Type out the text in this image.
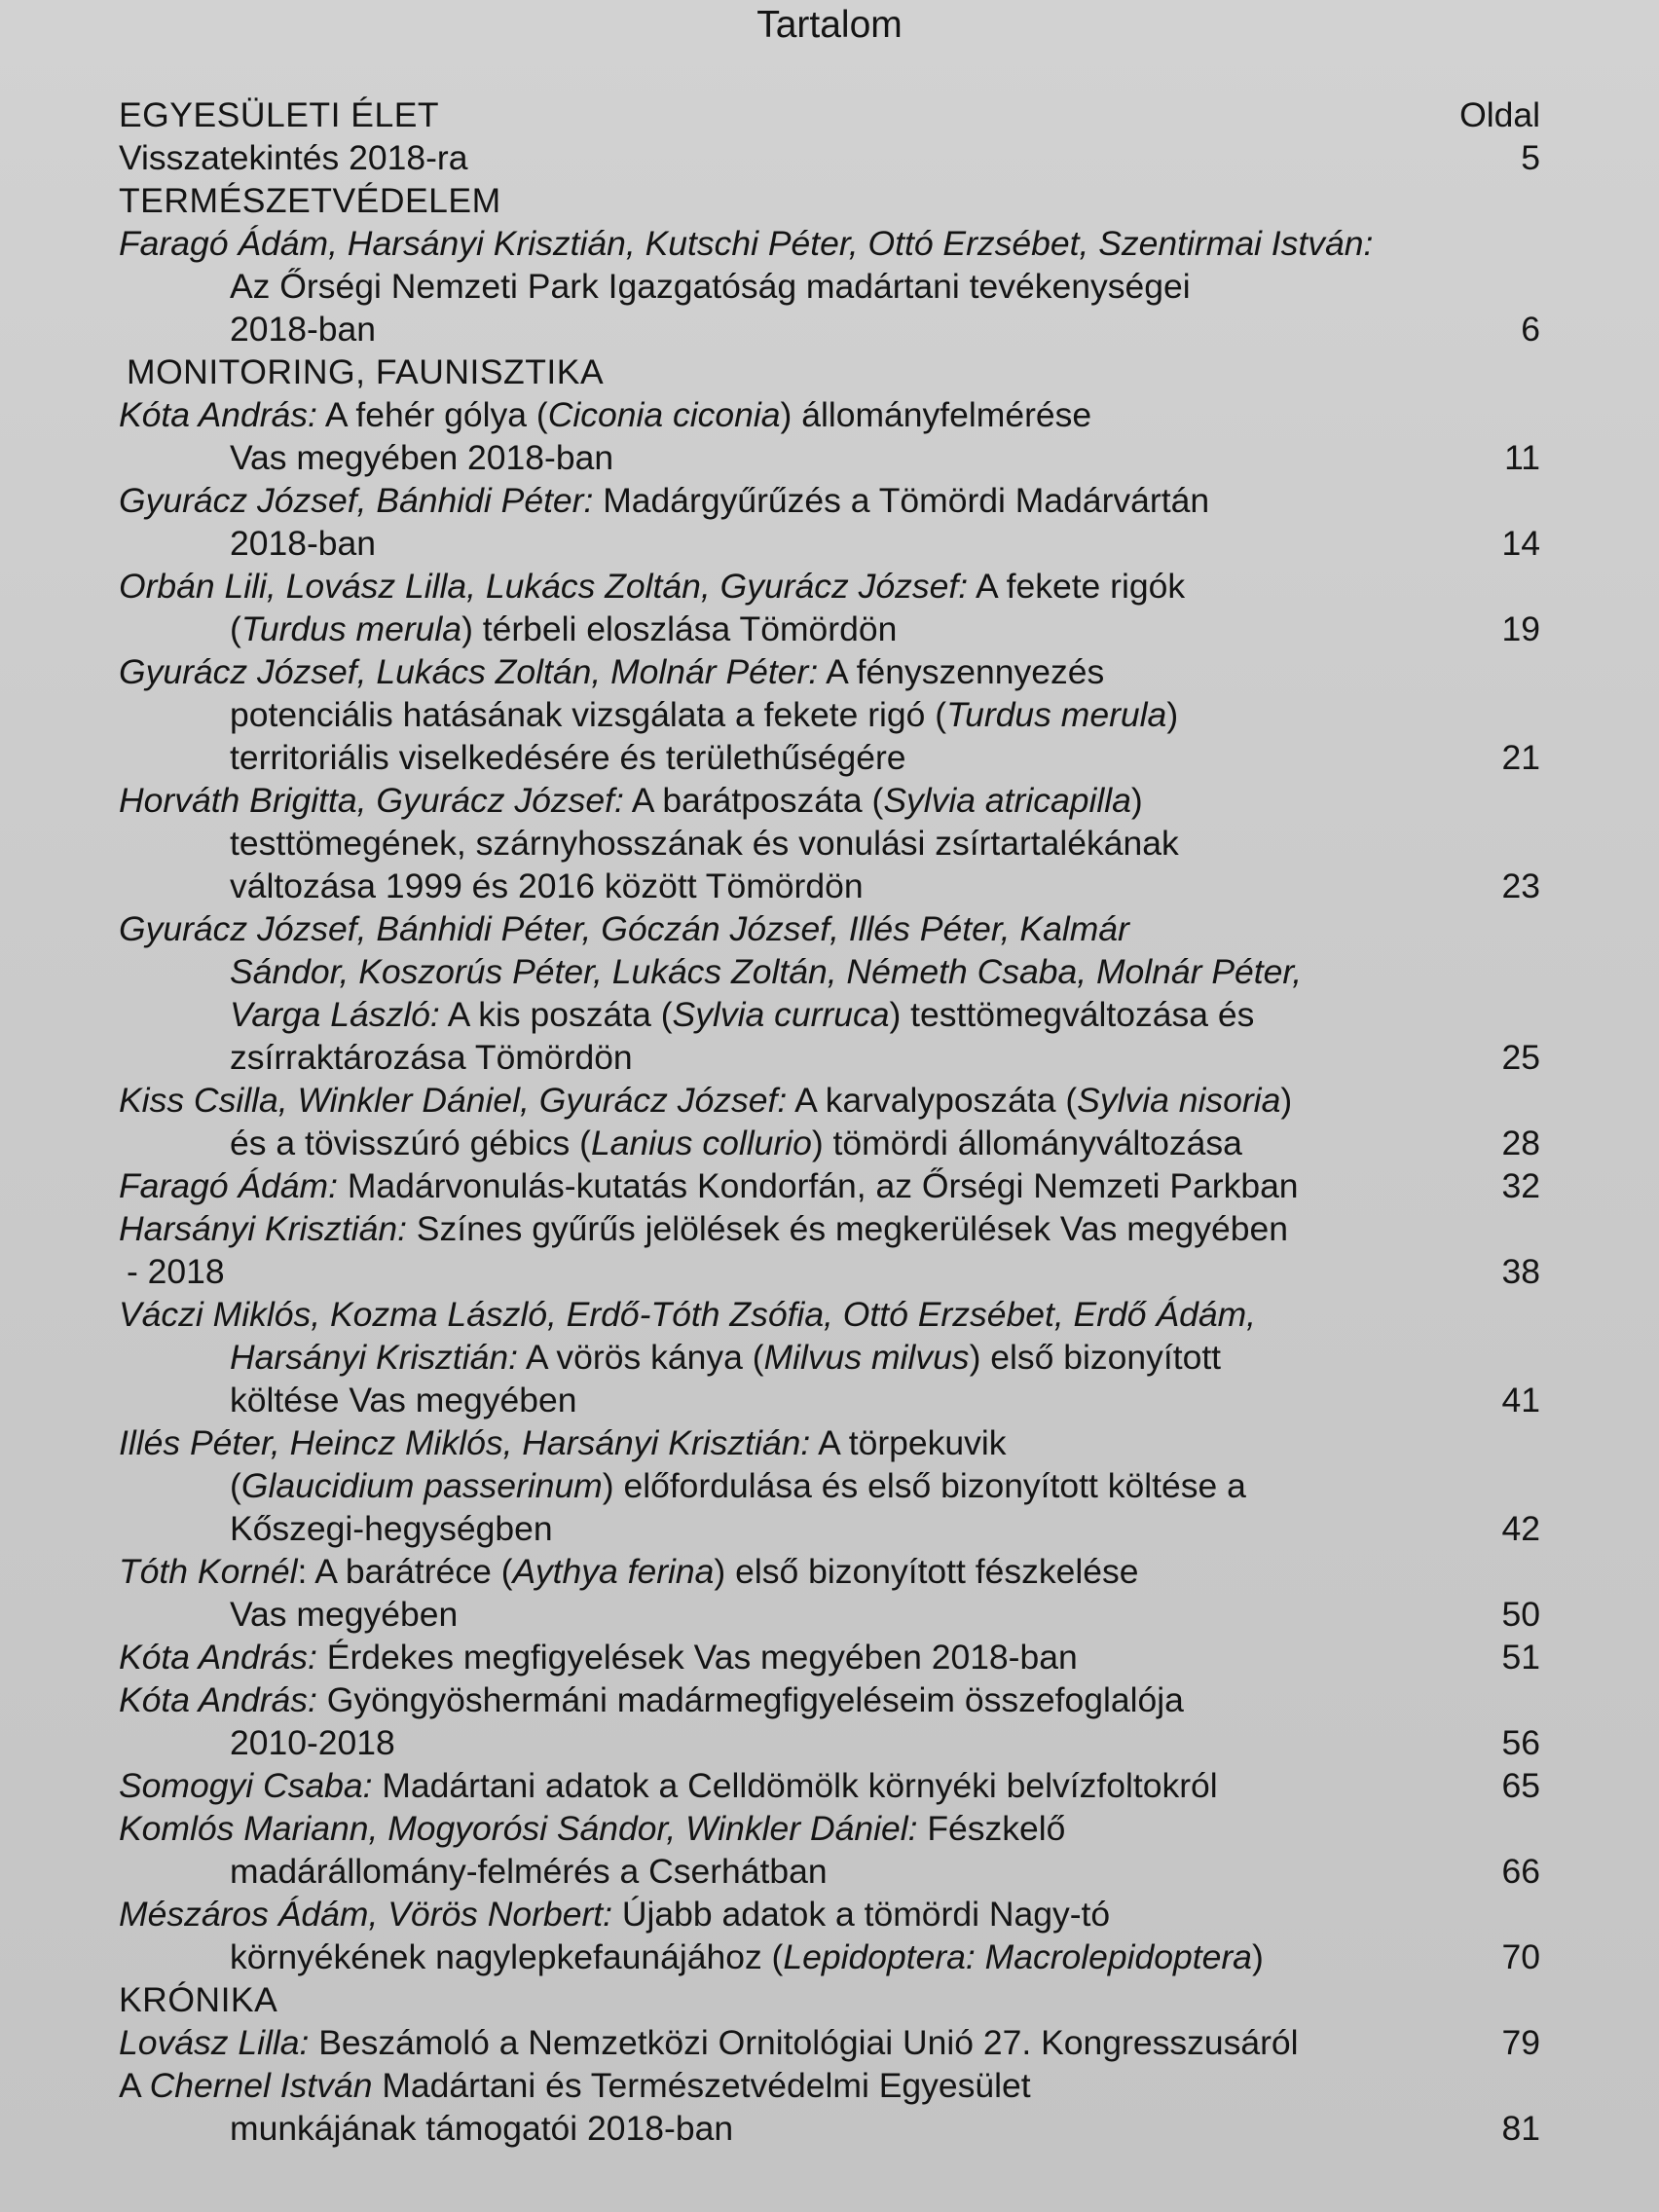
Tartalom
EGYESÜLETI ÉLET	Oldal
Visszatekintés 2018-ra	5
TERMÉSZETVÉDELEM
Faragó Ádám, Harsányi Krisztián, Kutschi Péter, Ottó Erzsébet, Szentirmai István:
Az Őrségi Nemzeti Park Igazgatóság madártani tevékenységei
2018-ban	6
MONITORING, FAUNISZTIKA
Kóta András: A fehér gólya (Ciconia ciconia) állományfelmérése
Vas megyében 2018-ban	11
Gyurácz József, Bánhidi Péter: Madárgyűrűzés a Tömördi Madárvártán
2018-ban	14
Orbán Lili, Lovász Lilla, Lukács Zoltán, Gyurácz József: A fekete rigók
(Turdus merula) térbeli eloszlása Tömördön	19
Gyurácz József, Lukács Zoltán, Molnár Péter: A fényszennyezés
potenciális hatásának vizsgálata a fekete rigó (Turdus merula)
territoriális viselkedésére és területhűségére	21
Horváth Brigitta, Gyurácz József: A barátposzáta (Sylvia atricapilla)
testtömegének, szárnyhosszának és vonulási zsírtartalékának
változása 1999 és 2016 között Tömördön	23
Gyurácz József, Bánhidi Péter, Góczán József, Illés Péter, Kalmár
Sándor, Koszorús Péter, Lukács Zoltán, Németh Csaba, Molnár Péter,
Varga László: A kis poszáta (Sylvia curruca) testtömegváltozása és
zsírraktározása Tömördön	25
Kiss Csilla, Winkler Dániel, Gyurácz József: A karvalyposzáta (Sylvia nisoria)
és a tövisszúró gébics (Lanius collurio) tömördi állományváltozása	28
Faragó Ádám: Madárvonulás-kutatás Kondorfán, az Őrségi Nemzeti Parkban	32
Harsányi Krisztián: Színes gyűrűs jelölések és megkerülések Vas megyében
- 2018	38
Váczi Miklós, Kozma László, Erdő-Tóth Zsófia, Ottó Erzsébet, Erdő Ádám,
Harsányi Krisztián: A vörös kánya (Milvus milvus) első bizonyított
költése Vas megyében	41
Illés Péter, Heincz Miklós, Harsányi Krisztián: A törpekuvik
(Glaucidium passerinum) előfordulása és első bizonyított költése a
Kőszegi-hegységben	42
Tóth Kornél: A barátréce (Aythya ferina) első bizonyított fészkelése
Vas megyében	50
Kóta András: Érdekes megfigyelések Vas megyében 2018-ban	51
Kóta András: Gyöngyöshermáni madármegfigyeléseim összefoglalója
2010-2018	56
Somogyi Csaba: Madártani adatok a Celldömölk környéki belvízfoltokról	65
Komlós Mariann, Mogyorósi Sándor, Winkler Dániel: Fészkelő
madárállomány-felmérés a Cserhátban	66
Mészáros Ádám, Vörös Norbert: Újabb adatok a tömördi Nagy-tó
környékének nagylepkefaunájához (Lepidoptera: Macrolepidoptera)	70
KRÓNIKA
Lovász Lilla: Beszámoló a Nemzetközi Ornitológiai Unió 27. Kongresszusáról	79
A Chernel István Madártani és Természetvédelmi Egyesület
munkájának támogatói 2018-ban	81
